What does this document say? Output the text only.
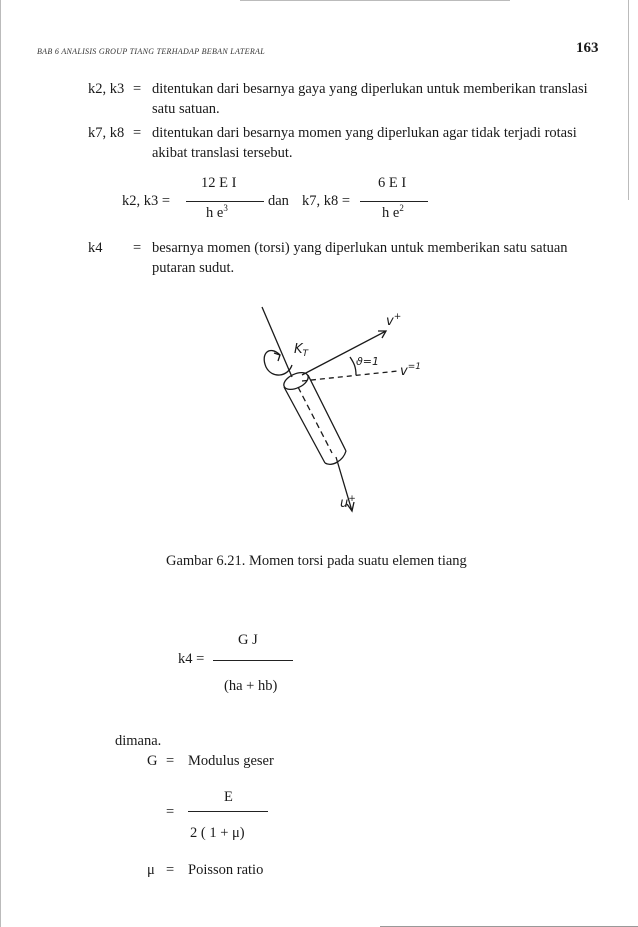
BAB 6 ANALISIS GROUP TIANG TERHADAP BEBAN LATERAL	163
k2, k3 = ditentukan dari besarnya gaya yang diperlukan untuk memberikan translasi
satu satuan.
k7, k8 = ditentukan dari besarnya momen yang diperlukan agar tidak terjadi rotasi
akibat translasi tersebut.
12 E I
k2, k3 =
h $e^3$	dan
6 E I
k7, k8 =
h $e^2$
k4 = besarnya momen (torsi) yang diperlukan untuk memberikan satu satuan
putaran sudut.
$K_T$
v+
ϑ=1
$v^{=1}$
u+
Gambar 6.21. Momen torsi pada suatu elemen tiang
G J
k4 =
(ha + hb)
dimana.
G = Modulus geser
E
=
2 ( 1 + μ)
μ = Poisson ratio
